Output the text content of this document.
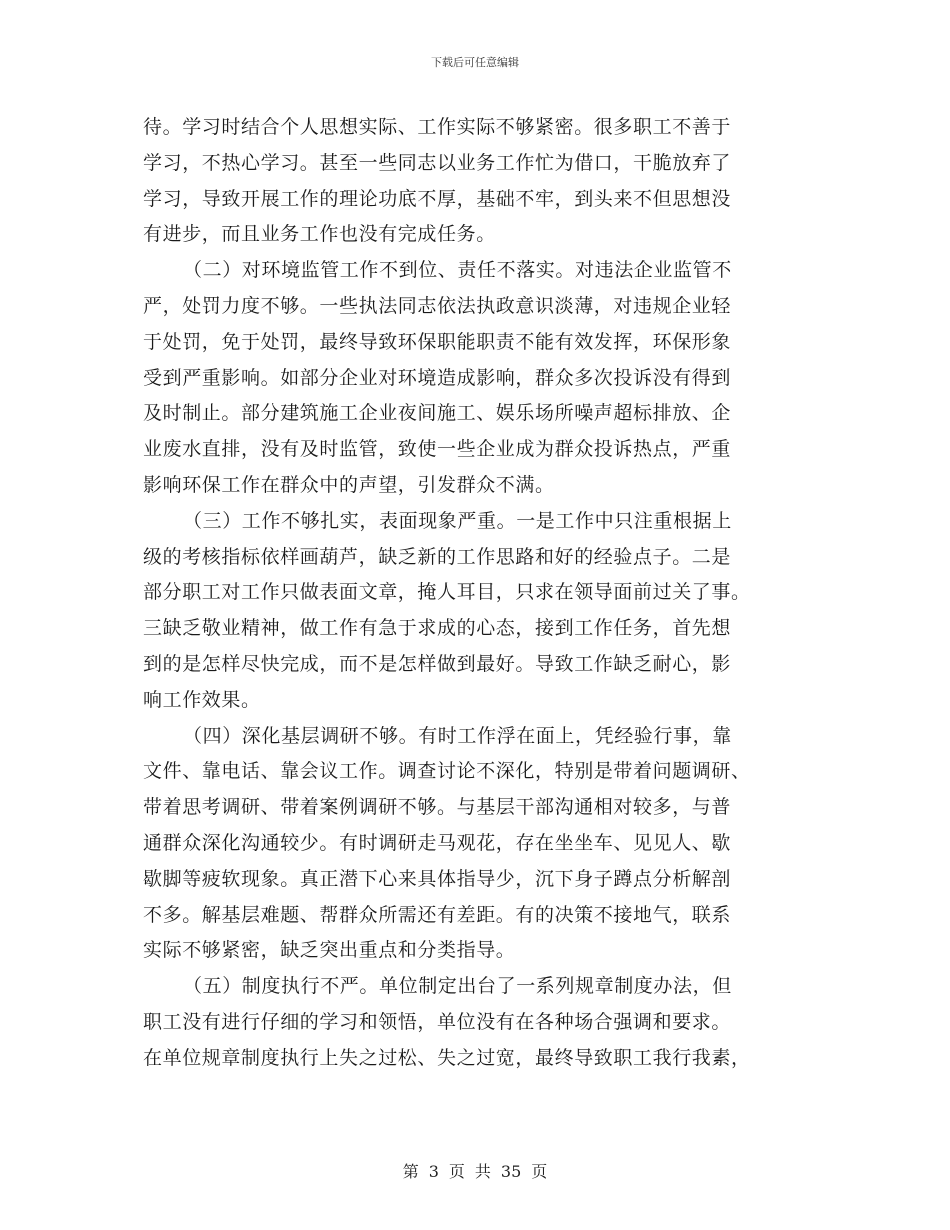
下载后可任意编辑
待。学习时结合个人思想实际、工作实际不够紧密。很多职工不善于
学习，不热心学习。甚至一些同志以业务工作忙为借口，干脆放弃了
学习，导致开展工作的理论功底不厚，基础不牢，到头来不但思想没
有进步，而且业务工作也没有完成任务。
（二）对环境监管工作不到位、责任不落实。对违法企业监管不
严，处罚力度不够。一些执法同志依法执政意识淡薄，对违规企业轻
于处罚，免于处罚，最终导致环保职能职责不能有效发挥，环保形象
受到严重影响。如部分企业对环境造成影响，群众多次投诉没有得到
及时制止。部分建筑施工企业夜间施工、娱乐场所噪声超标排放、企
业废水直排，没有及时监管，致使一些企业成为群众投诉热点，严重
影响环保工作在群众中的声望，引发群众不满。
（三）工作不够扎实，表面现象严重。一是工作中只注重根据上
级的考核指标依样画葫芦，缺乏新的工作思路和好的经验点子。二是
部分职工对工作只做表面文章，掩人耳目，只求在领导面前过关了事。
三缺乏敬业精神，做工作有急于求成的心态，接到工作任务，首先想
到的是怎样尽快完成，而不是怎样做到最好。导致工作缺乏耐心，影
响工作效果。
（四）深化基层调研不够。有时工作浮在面上，凭经验行事，靠
文件、靠电话、靠会议工作。调查讨论不深化，特别是带着问题调研、
带着思考调研、带着案例调研不够。与基层干部沟通相对较多，与普
通群众深化沟通较少。有时调研走马观花，存在坐坐车、见见人、歇
歇脚等疲软现象。真正潜下心来具体指导少，沉下身子蹲点分析解剖
不多。解基层难题、帮群众所需还有差距。有的决策不接地气，联系
实际不够紧密，缺乏突出重点和分类指导。
（五）制度执行不严。单位制定出台了一系列规章制度办法，但
职工没有进行仔细的学习和领悟，单位没有在各种场合强调和要求。
在单位规章制度执行上失之过松、失之过宽，最终导致职工我行我素，
第 3 页 共 35 页
